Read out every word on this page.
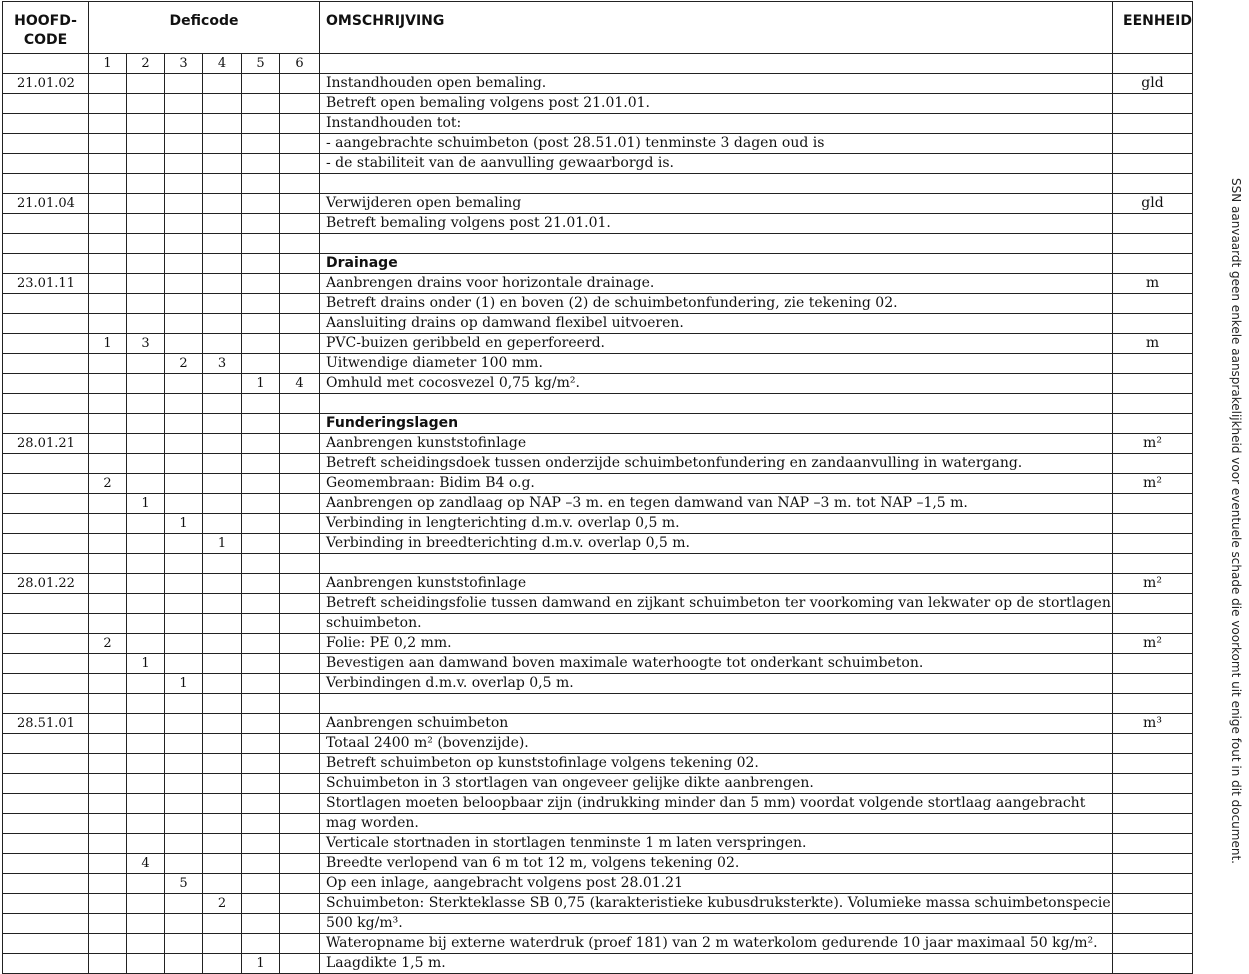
HOOFD-
CODE	Deficode						OMSCHRIJVING	EENHEID
	1	2	3	4	5	6		
21.01.02							Instandhouden open bemaling.	gld
							Betreft open bemaling volgens post 21.01.01.	
							Instandhouden tot:	
							- aangebrachte schuimbeton (post 28.51.01) tenminste 3 dagen oud is	
							- de stabiliteit van de aanvulling gewaarborgd is.	

21.01.04							Verwijderen open bemaling	gld
							Betreft bemaling volgens post 21.01.01.	

							Drainage	
23.01.11							Aanbrengen drains voor horizontale drainage.	m
							Betreft drains onder (1) en boven (2) de schuimbetonfundering, zie tekening 02.	
							Aansluiting drains op damwand flexibel uitvoeren.	
	1	3					PVC-buizen geribbeld en geperforeerd.	m
			2	3			Uitwendige diameter 100 mm.	
					1	4	Omhuld met cocosvezel 0,75 kg/m².	

							Funderingslagen	
28.01.21							Aanbrengen kunststofinlage	m²
							Betreft scheidingsdoek tussen onderzijde schuimbetonfundering en zandaanvulling in watergang.	
	2						Geomembraan: Bidim B4 o.g.	m²
		1					Aanbrengen op zandlaag op NAP –3 m. en tegen damwand van NAP –3 m. tot NAP –1,5 m.	
			1				Verbinding in lengterichting d.m.v. overlap 0,5 m.	
				1			Verbinding in breedterichting d.m.v. overlap 0,5 m.	

28.01.22							Aanbrengen kunststofinlage	m²
							Betreft scheidingsfolie tussen damwand en zijkant schuimbeton ter voorkoming van lekwater op de stortlagen	
							schuimbeton.	
	2						Folie: PE 0,2 mm.	m²
		1					Bevestigen aan damwand boven maximale waterhoogte tot onderkant schuimbeton.	
			1				Verbindingen d.m.v. overlap 0,5 m.	

28.51.01							Aanbrengen schuimbeton	m³
							Totaal 2400 m² (bovenzijde).	
							Betreft schuimbeton op kunststofinlage volgens tekening 02.	
							Schuimbeton in 3 stortlagen van ongeveer gelijke dikte aanbrengen.	
							Stortlagen moeten beloopbaar zijn (indrukking minder dan 5 mm) voordat volgende stortlaag aangebracht	
							mag worden.	
							Verticale stortnaden in stortlagen tenminste 1 m laten verspringen.	
		4					Breedte verlopend van 6 m tot 12 m, volgens tekening 02.	
			5				Op een inlage, aangebracht volgens post 28.01.21	
				2			Schuimbeton: Sterkteklasse SB 0,75 (karakteristieke kubusdruksterkte). Volumieke massa schuimbetonspecie	
							500 kg/m³.	
							Wateropname bij externe waterdruk (proef 181) van 2 m waterkolom gedurende 10 jaar maximaal 50 kg/m².	
					1		Laagdikte 1,5 m.	
SSN aanvaardt geen enkele aansprakelijkheid voor eventuele schade die voorkomt uit enige fout in dit document.
